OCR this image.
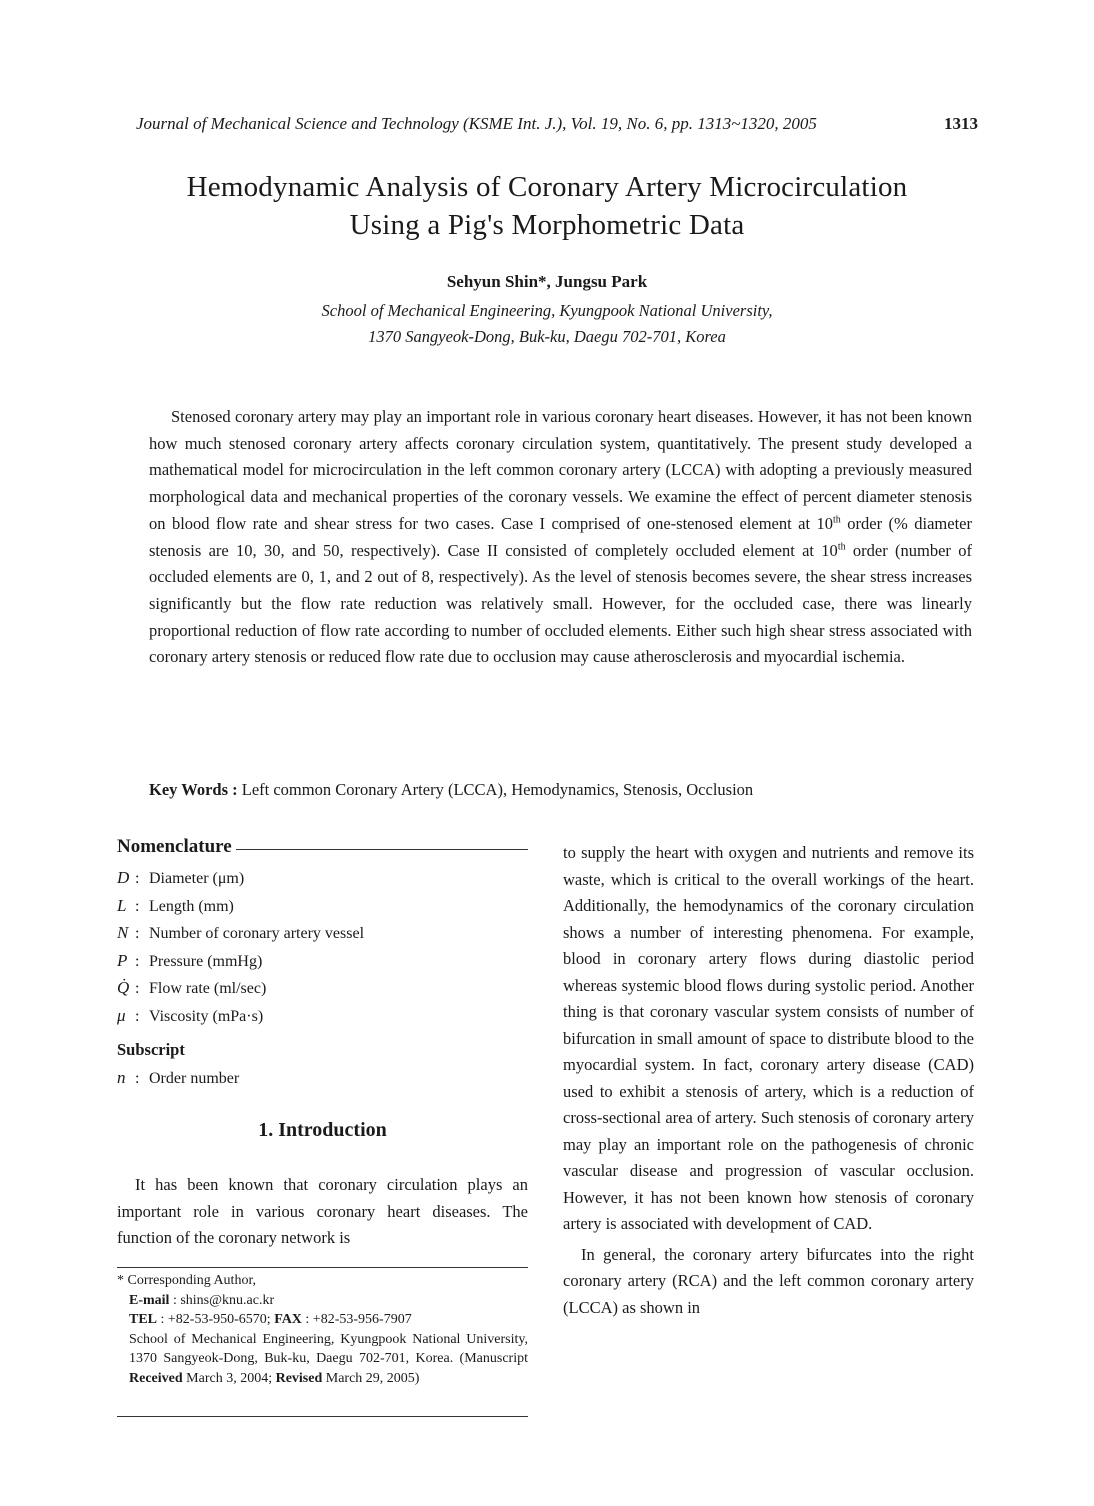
Journal of Mechanical Science and Technology (KSME Int. J.), Vol. 19, No. 6, pp. 1313~1320, 2005	1313
Hemodynamic Analysis of Coronary Artery Microcirculation
Using a Pig's Morphometric Data
Sehyun Shin*, Jungsu Park
School of Mechanical Engineering, Kyungpook National University,
1370 Sangyeok-Dong, Buk-ku, Daegu 702-701, Korea
Stenosed coronary artery may play an important role in various coronary heart diseases. However, it has not been known how much stenosed coronary artery affects coronary circulation system, quantitatively. The present study developed a mathematical model for microcirculation in the left common coronary artery (LCCA) with adopting a previously measured morphological data and mechanical properties of the coronary vessels. We examine the effect of percent diameter stenosis on blood flow rate and shear stress for two cases. Case I comprised of one-stenosed element at 10th order (% diameter stenosis are 10, 30, and 50, respectively). Case II consisted of completely occluded element at 10th order (number of occluded elements are 0, 1, and 2 out of 8, respectively). As the level of stenosis becomes severe, the shear stress increases significantly but the flow rate reduction was relatively small. However, for the occluded case, there was linearly proportional reduction of flow rate according to number of occluded elements. Either such high shear stress associated with coronary artery stenosis or reduced flow rate due to occlusion may cause atherosclerosis and myocardial ischemia.
Key Words : Left common Coronary Artery (LCCA), Hemodynamics, Stenosis, Occlusion
Nomenclature
D : Diameter (μm)
L : Length (mm)
N : Number of coronary artery vessel
P : Pressure (mmHg)
Q̇ : Flow rate (ml/sec)
μ : Viscosity (mPa·s)
Subscript
n : Order number
1. Introduction
It has been known that coronary circulation plays an important role in various coronary heart diseases. The function of the coronary network is
* Corresponding Author,
E-mail : shins@knu.ac.kr
TEL : +82-53-950-6570; FAX : +82-53-956-7907
School of Mechanical Engineering, Kyungpook National University, 1370 Sangyeok-Dong, Buk-ku, Daegu 702-701, Korea. (Manuscript Received March 3, 2004; Revised March 29, 2005)

to supply the heart with oxygen and nutrients and remove its waste, which is critical to the overall workings of the heart. Additionally, the hemodynamics of the coronary circulation shows a number of interesting phenomena. For example, blood in coronary artery flows during diastolic period whereas systemic blood flows during systolic period. Another thing is that coronary vascular system consists of number of bifurcation in small amount of space to distribute blood to the myocardial system. In fact, coronary artery disease (CAD) used to exhibit a stenosis of artery, which is a reduction of cross-sectional area of artery. Such stenosis of coronary artery may play an important role on the pathogenesis of chronic vascular disease and progression of vascular occlusion. However, it has not been known how stenosis of coronary artery is associated with development of CAD.

In general, the coronary artery bifurcates into the right coronary artery (RCA) and the left common coronary artery (LCCA) as shown in
